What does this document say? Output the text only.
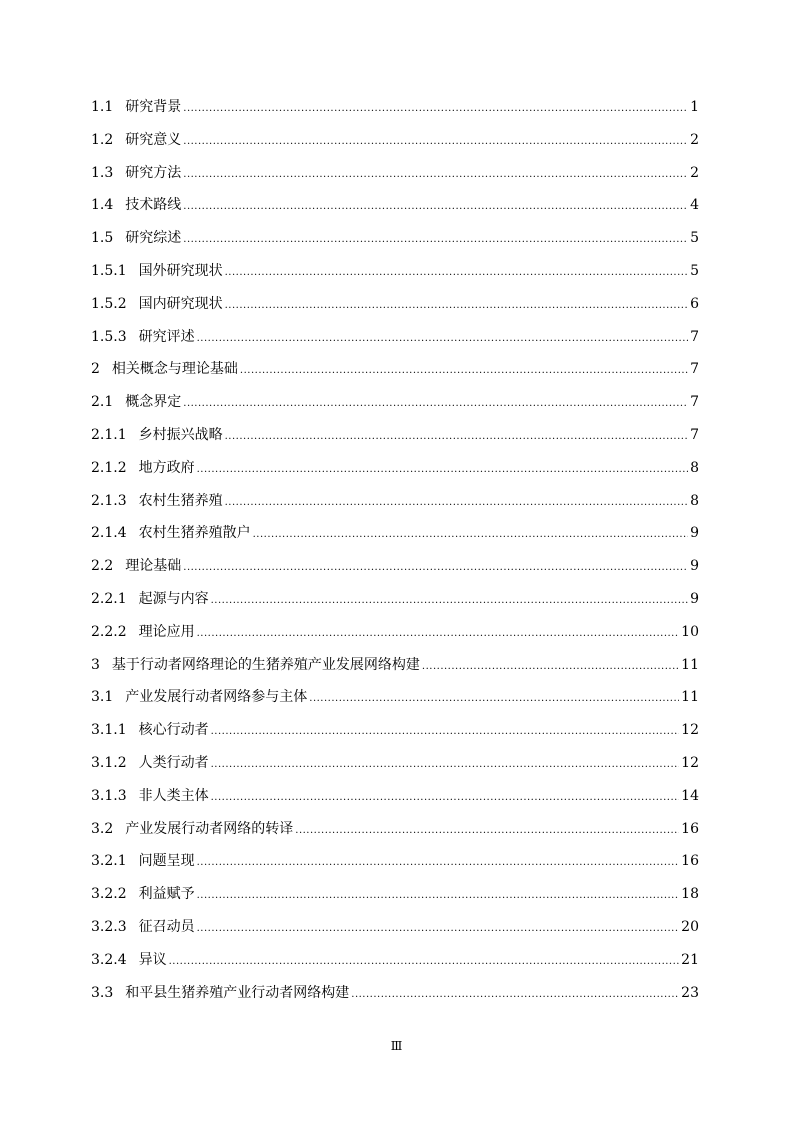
1.1 研究背景 .....	1
1.2 研究意义 .....	2
1.3 研究方法 .....	2
1.4 技术路线 .....	4
1.5 研究综述 .....	5
1.5.1 国外研究现状 .....	5
1.5.2 国内研究现状 .....	6
1.5.3 研究评述 .....	7
2 相关概念与理论基础 .....	7
2.1 概念界定 .....	7
2.1.1 乡村振兴战略 .....	7
2.1.2 地方政府 .....	8
2.1.3 农村生猪养殖 .....	8
2.1.4 农村生猪养殖散户 .....	9
2.2 理论基础 .....	9
2.2.1 起源与内容 .....	9
2.2.2 理论应用 .....	10
3 基于行动者网络理论的生猪养殖产业发展网络构建 .....	11
3.1 产业发展行动者网络参与主体 .....	11
3.1.1 核心行动者 .....	12
3.1.2 人类行动者 .....	12
3.1.3 非人类主体 .....	14
3.2 产业发展行动者网络的转译 .....	16
3.2.1 问题呈现 .....	16
3.2.2 利益赋予 .....	18
3.2.3 征召动员 .....	20
3.2.4 异议 .....	21
3.3 和平县生猪养殖产业行动者网络构建 .....	23
Ⅲ
